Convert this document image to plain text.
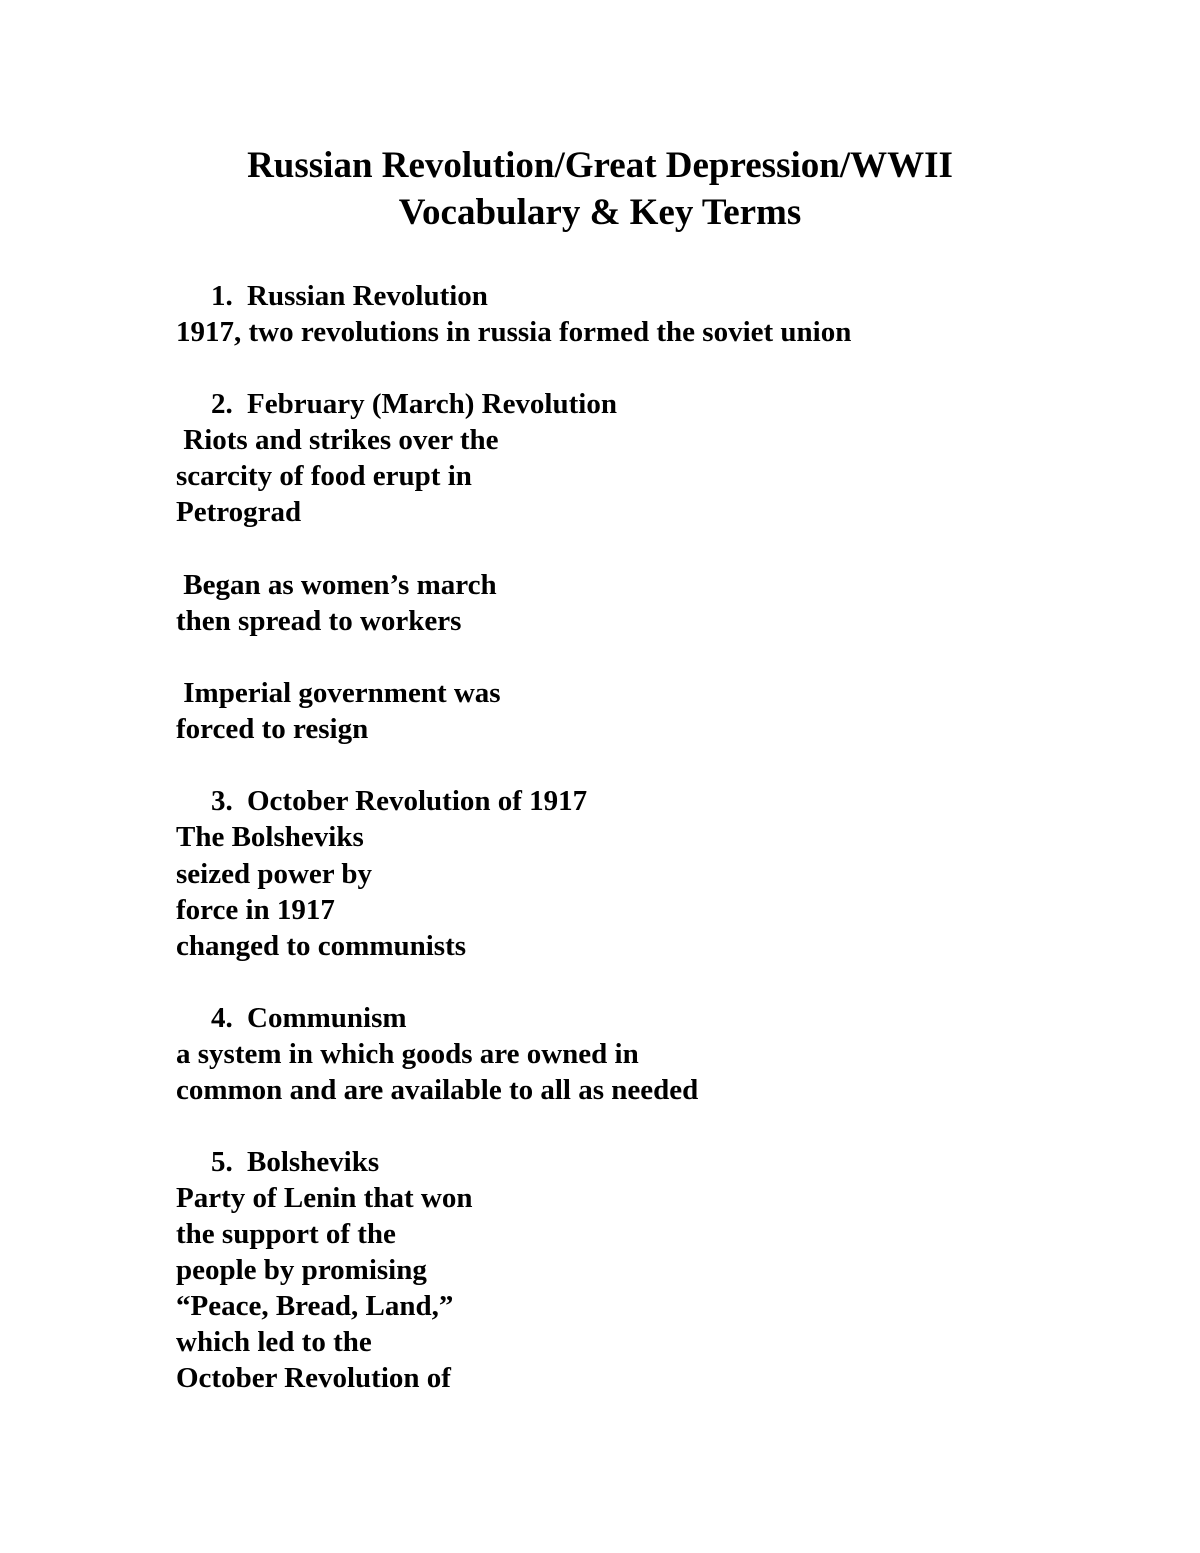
Russian Revolution/Great Depression/WWII
Vocabulary & Key Terms
1. Russian Revolution
1917, two revolutions in russia formed the soviet union
2. February (March) Revolution
Riots and strikes over the
scarcity of food erupt in
Petrograd
Began as women’s march
then spread to workers
Imperial government was
forced to resign
3. October Revolution of 1917
The Bolsheviks
seized power by
force in 1917
changed to communists
4. Communism
a system in which goods are owned in
common and are available to all as needed
5. Bolsheviks
Party of Lenin that won
the support of the
people by promising
“Peace, Bread, Land,”
which led to the
October Revolution of
